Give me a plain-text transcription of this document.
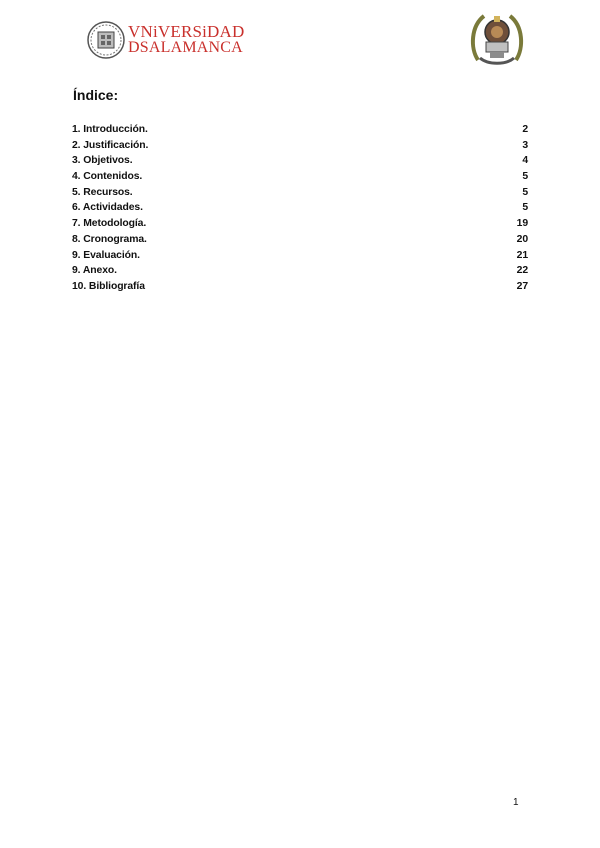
VNiVERSiDAD
DSALAMANCA
Índice:
1. Introducción.	2
2. Justificación.	3
3. Objetivos.	4
4. Contenidos.	5
5. Recursos.	5
6. Actividades.	5
7. Metodología.	19
8. Cronograma.	20
9. Evaluación.	21
9. Anexo.	22
10. Bibliografía	27
1
